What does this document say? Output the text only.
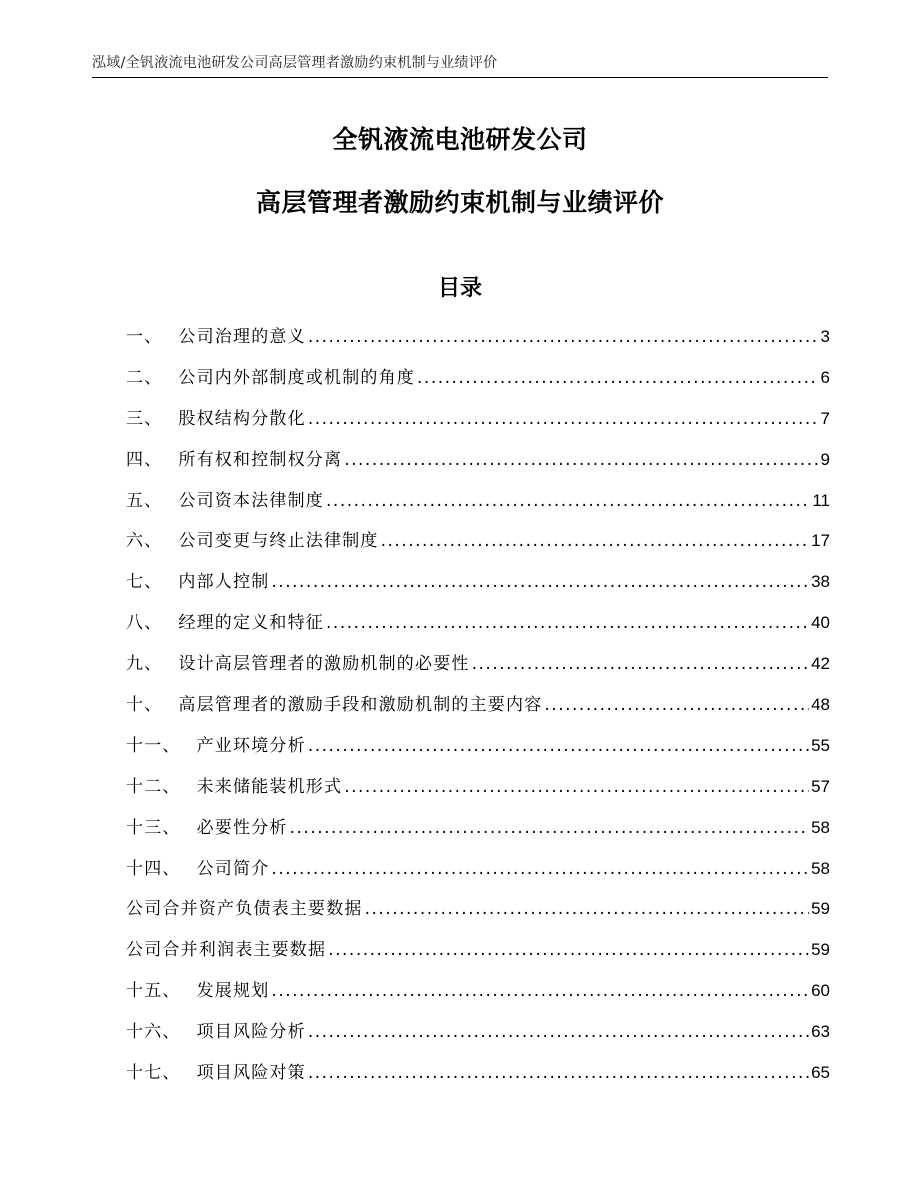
泓域/全钒液流电池研发公司高层管理者激励约束机制与业绩评价
全钒液流电池研发公司
高层管理者激励约束机制与业绩评价
目录
一、 公司治理的意义 .....	3
二、 公司内外部制度或机制的角度 .....	6
三、 股权结构分散化 .....	7
四、 所有权和控制权分离 .....	9
五、 公司资本法律制度 .....	11
六、 公司变更与终止法律制度 .....	17
七、 内部人控制 .....	38
八、 经理的定义和特征 .....	40
九、 设计高层管理者的激励机制的必要性 .....	42
十、 高层管理者的激励手段和激励机制的主要内容 .....	48
十一、 产业环境分析 .....	55
十二、 未来储能装机形式 .....	57
十三、 必要性分析 .....	58
十四、 公司简介 .....	58
公司合并资产负债表主要数据 .....	59
公司合并利润表主要数据 .....	59
十五、 发展规划 .....	60
十六、 项目风险分析 .....	63
十七、 项目风险对策 .....	65
